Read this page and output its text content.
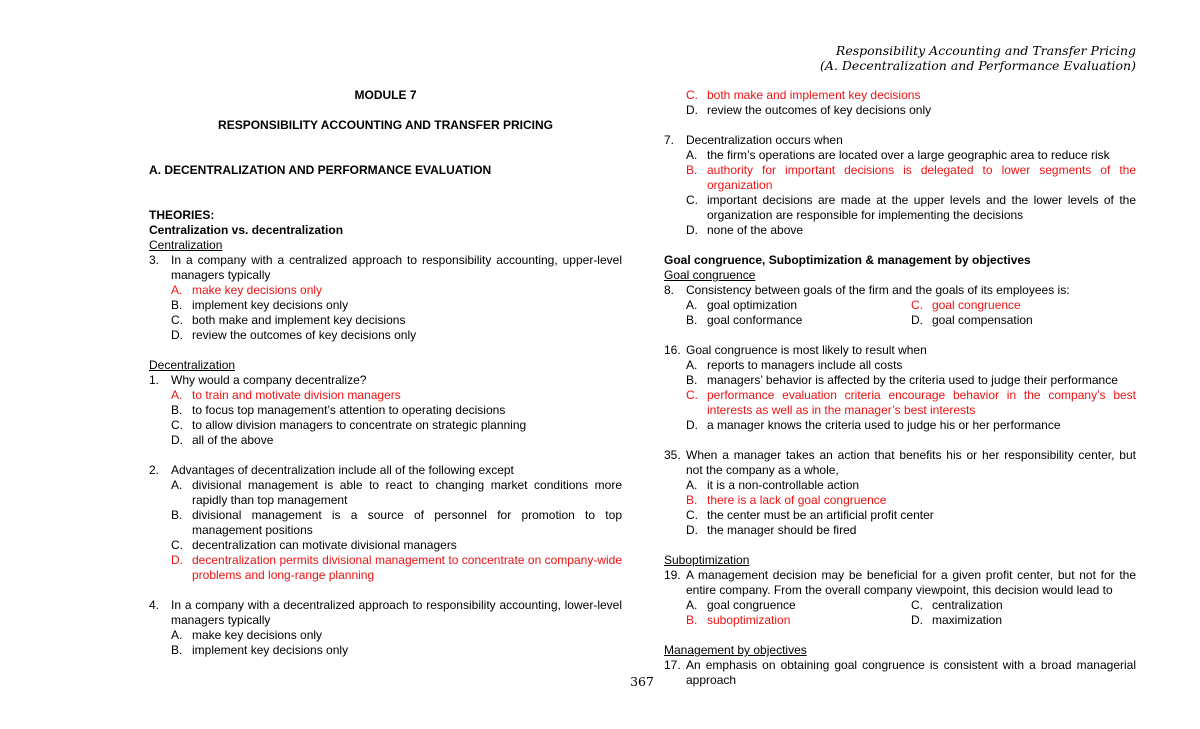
Responsibility Accounting and Transfer Pricing
(A. Decentralization and Performance Evaluation)
MODULE 7
RESPONSIBILITY ACCOUNTING AND TRANSFER PRICING
A. DECENTRALIZATION AND PERFORMANCE EVALUATION
THEORIES:
Centralization vs. decentralization
Centralization
3. In a company with a centralized approach to responsibility accounting, upper-level managers typically
A. make key decisions only
B. implement key decisions only
C. both make and implement key decisions
D. review the outcomes of key decisions only
Decentralization
1. Why would a company decentralize?
A. to train and motivate division managers
B. to focus top management’s attention to operating decisions
C. to allow division managers to concentrate on strategic planning
D. all of the above
2. Advantages of decentralization include all of the following except
A. divisional management is able to react to changing market conditions more rapidly than top management
B. divisional management is a source of personnel for promotion to top management positions
C. decentralization can motivate divisional managers
D. decentralization permits divisional management to concentrate on company-wide problems and long-range planning
4. In a company with a decentralized approach to responsibility accounting, lower-level managers typically
A. make key decisions only
B. implement key decisions only
C. both make and implement key decisions
D. review the outcomes of key decisions only
7. Decentralization occurs when
A. the firm’s operations are located over a large geographic area to reduce risk
B. authority for important decisions is delegated to lower segments of the organization
C. important decisions are made at the upper levels and the lower levels of the organization are responsible for implementing the decisions
D. none of the above
Goal congruence, Suboptimization & management by objectives
Goal congruence
8. Consistency between goals of the firm and the goals of its employees is:
A. goal optimization
B. goal conformance
C. goal congruence
D. goal compensation
16. Goal congruence is most likely to result when
A. reports to managers include all costs
B. managers’ behavior is affected by the criteria used to judge their performance
C. performance evaluation criteria encourage behavior in the company’s best interests as well as in the manager’s best interests
D. a manager knows the criteria used to judge his or her performance
35. When a manager takes an action that benefits his or her responsibility center, but not the company as a whole,
A. it is a non-controllable action
B. there is a lack of goal congruence
C. the center must be an artificial profit center
D. the manager should be fired
Suboptimization
19. A management decision may be beneficial for a given profit center, but not for the entire company. From the overall company viewpoint, this decision would lead to
A. goal congruence
B. suboptimization
C. centralization
D. maximization
Management by objectives
17. An emphasis on obtaining goal congruence is consistent with a broad managerial approach
367
